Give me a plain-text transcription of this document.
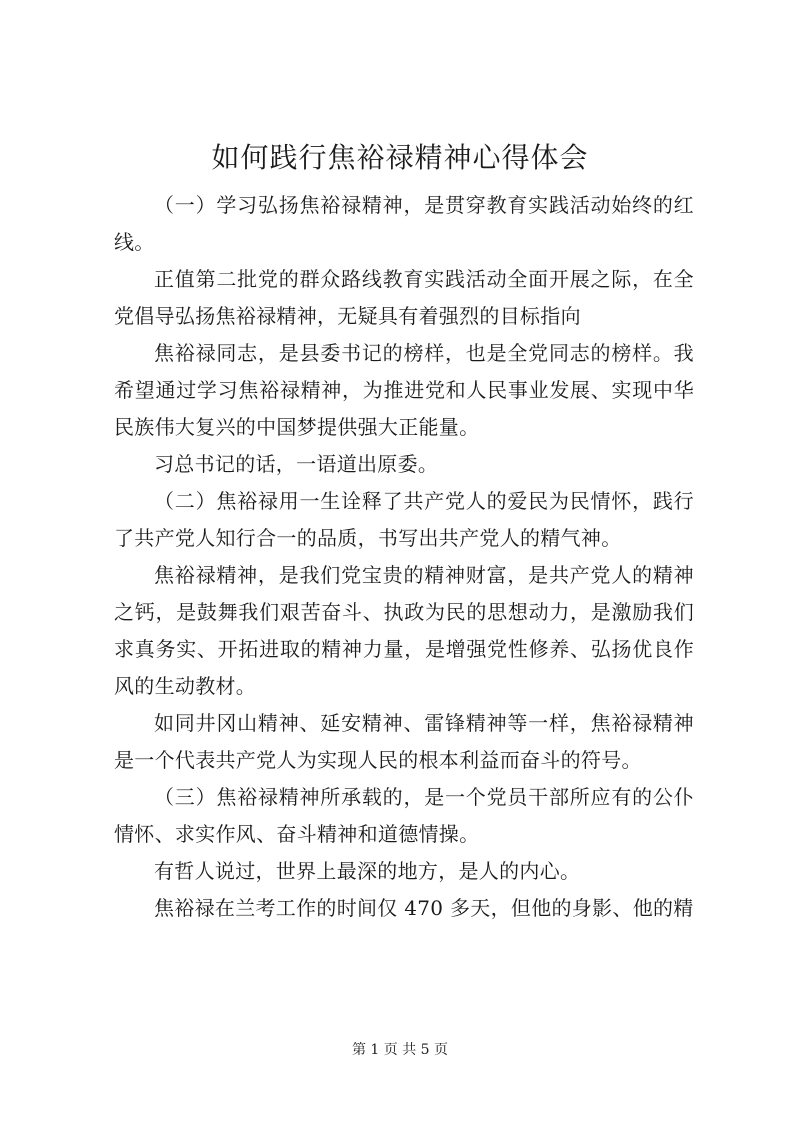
如何践行焦裕禄精神心得体会

（一）学习弘扬焦裕禄精神，是贯穿教育实践活动始终的红线。

正值第二批党的群众路线教育实践活动全面开展之际，在全党倡导弘扬焦裕禄精神，无疑具有着强烈的目标指向

焦裕禄同志，是县委书记的榜样，也是全党同志的榜样。我希望通过学习焦裕禄精神，为推进党和人民事业发展、实现中华民族伟大复兴的中国梦提供强大正能量。

习总书记的话，一语道出原委。

（二）焦裕禄用一生诠释了共产党人的爱民为民情怀，践行了共产党人知行合一的品质，书写出共产党人的精气神。

焦裕禄精神，是我们党宝贵的精神财富，是共产党人的精神之钙，是鼓舞我们艰苦奋斗、执政为民的思想动力，是激励我们求真务实、开拓进取的精神力量，是增强党性修养、弘扬优良作风的生动教材。

如同井冈山精神、延安精神、雷锋精神等一样，焦裕禄精神是一个代表共产党人为实现人民的根本利益而奋斗的符号。

（三）焦裕禄精神所承载的，是一个党员干部所应有的公仆情怀、求实作风、奋斗精神和道德情操。

有哲人说过，世界上最深的地方，是人的内心。

焦裕禄在兰考工作的时间仅 470 多天，但他的身影、他的精

第 1 页 共 5 页
